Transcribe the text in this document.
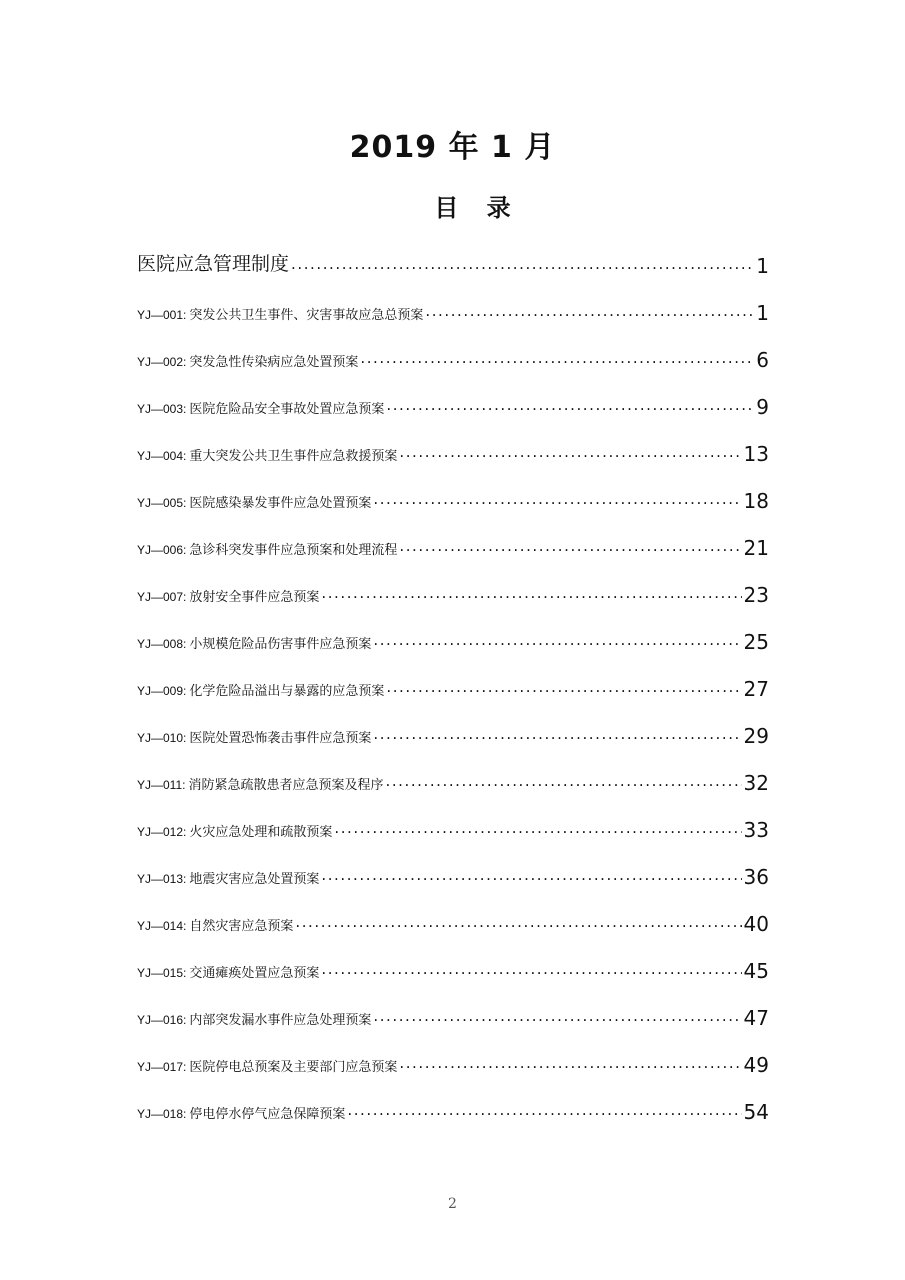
2019 年 1 月
目 录
医院应急管理制度 . . .	1
YJ—001: 突发公共卫生事件、灾害事故应急总预案 . . .	1
YJ—002: 突发急性传染病应急处置预案 . . .	6
YJ—003: 医院危险品安全事故处置应急预案 . . .	9
YJ—004: 重大突发公共卫生事件应急救援预案 . . .	13
YJ—005: 医院感染暴发事件应急处置预案 . . .	18
YJ—006: 急诊科突发事件应急预案和处理流程 . . .	21
YJ—007: 放射安全事件应急预案 . . .	23
YJ—008: 小规模危险品伤害事件应急预案 . . .	25
YJ—009: 化学危险品溢出与暴露的应急预案 . . .	27
YJ—010: 医院处置恐怖袭击事件应急预案 . . .	29
YJ—011: 消防紧急疏散患者应急预案及程序 . . .	32
YJ—012: 火灾应急处理和疏散预案 . . .	33
YJ—013: 地震灾害应急处置预案 . . .	36
YJ—014: 自然灾害应急预案 . . .	40
YJ—015: 交通瘫痪处置应急预案 . . .	45
YJ—016: 内部突发漏水事件应急处理预案 . . .	47
YJ—017: 医院停电总预案及主要部门应急预案 . . .	49
YJ—018: 停电停水停气应急保障预案 . . .	54
2
